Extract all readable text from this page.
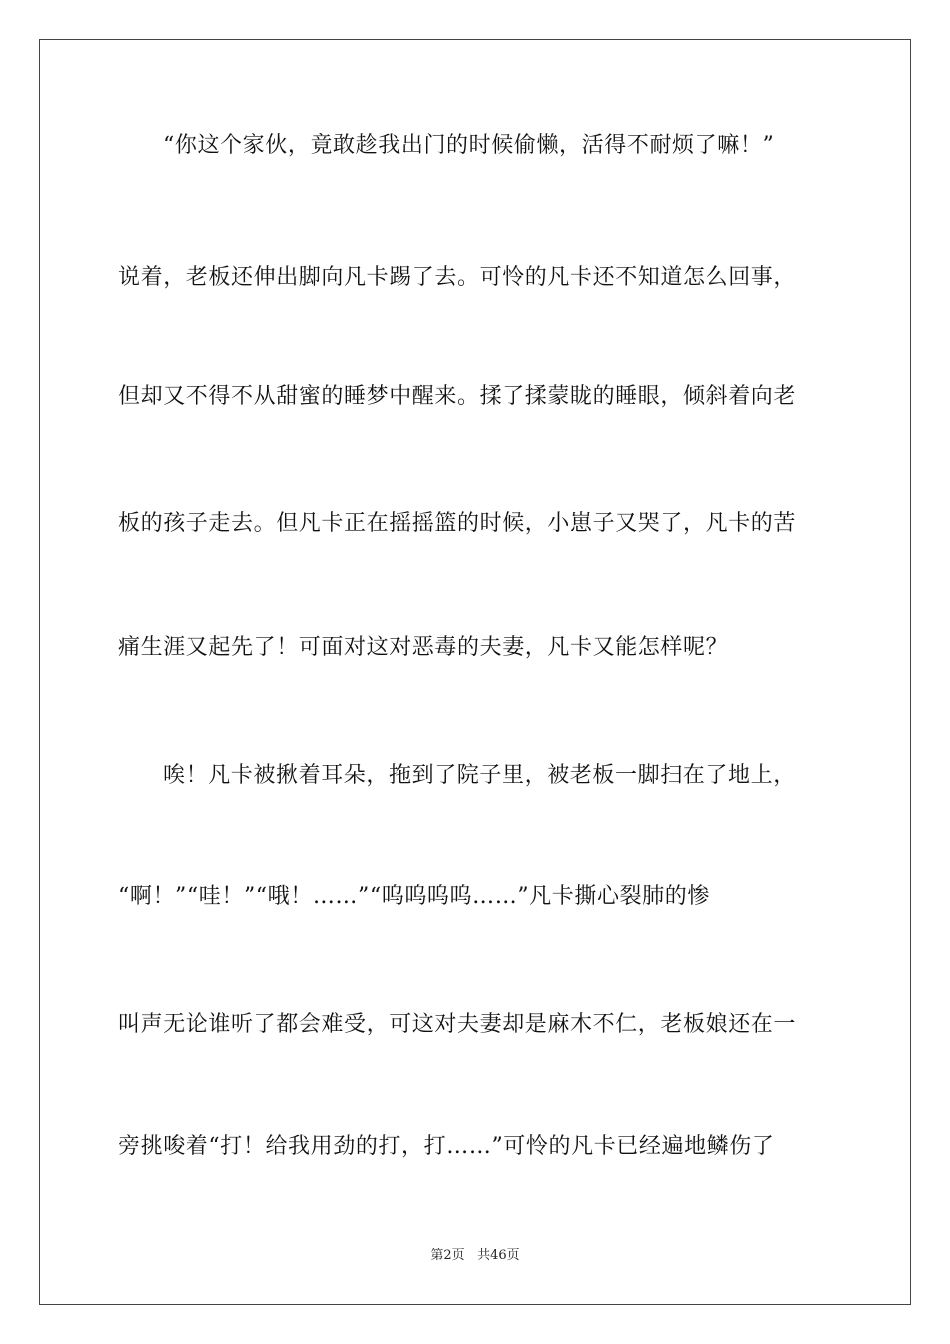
“你这个家伙，竟敢趁我出门的时候偷懒，活得不耐烦了嘛！”
说着，老板还伸出脚向凡卡踢了去。可怜的凡卡还不知道怎么回事，
但却又不得不从甜蜜的睡梦中醒来。揉了揉蒙眬的睡眼，倾斜着向老
板的孩子走去。但凡卡正在摇摇篮的时候，小崽子又哭了，凡卡的苦
痛生涯又起先了！可面对这对恶毒的夫妻，凡卡又能怎样呢？
唉！凡卡被揪着耳朵，拖到了院子里，被老板一脚扫在了地上，
“啊！”“哇！”“哦！……”“呜呜呜呜……”凡卡撕心裂肺的惨
叫声无论谁听了都会难受，可这对夫妻却是麻木不仁，老板娘还在一
旁挑唆着“打！给我用劲的打，打……”可怜的凡卡已经遍地鳞伤了
第2页 共46页
